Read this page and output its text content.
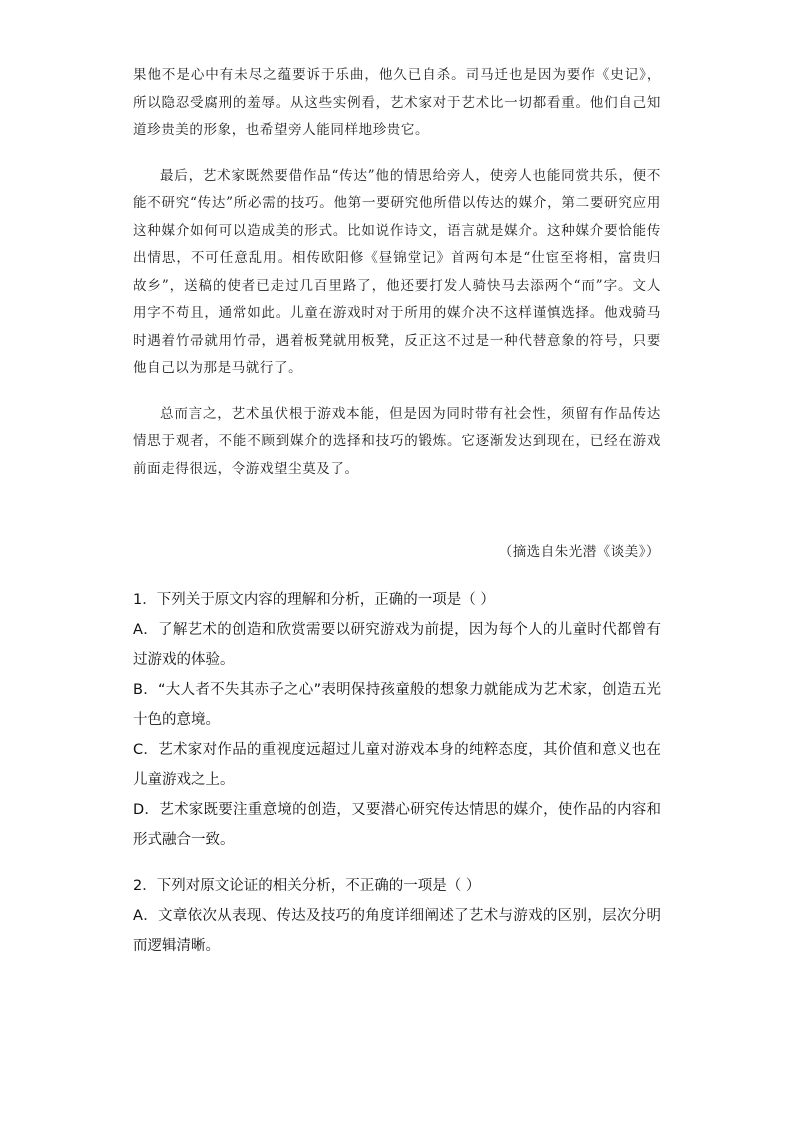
果他不是心中有未尽之蕴要诉于乐曲，他久已自杀。司马迁也是因为要作《史记》，所以隐忍受腐刑的羞辱。从这些实例看，艺术家对于艺术比一切都看重。他们自己知道珍贵美的形象，也希望旁人能同样地珍贵它。

最后，艺术家既然要借作品“传达”他的情思给旁人，使旁人也能同赏共乐，便不能不研究“传达”所必需的技巧。他第一要研究他所借以传达的媒介，第二要研究应用这种媒介如何可以造成美的形式。比如说作诗文，语言就是媒介。这种媒介要恰能传出情思，不可任意乱用。相传欧阳修《昼锦堂记》首两句本是“仕宦至将相，富贵归故乡”，送稿的使者已走过几百里路了，他还要打发人骑快马去添两个“而”字。文人用字不苟且，通常如此。儿童在游戏时对于所用的媒介决不这样谨慎选择。他戏骑马时遇着竹帚就用竹帚，遇着板凳就用板凳，反正这不过是一种代替意象的符号，只要他自己以为那是马就行了。

总而言之，艺术虽伏根于游戏本能，但是因为同时带有社会性，须留有作品传达情思于观者，不能不顾到媒介的选择和技巧的锻炼。它逐渐发达到现在，已经在游戏前面走得很远，令游戏望尘莫及了。

（摘选自朱光潜《谈美》）

1．下列关于原文内容的理解和分析，正确的一项是（ ）

A．了解艺术的创造和欣赏需要以研究游戏为前提，因为每个人的儿童时代都曾有过游戏的体验。

B．“大人者不失其赤子之心”表明保持孩童般的想象力就能成为艺术家，创造五光十色的意境。

C．艺术家对作品的重视度远超过儿童对游戏本身的纯粹态度，其价值和意义也在儿童游戏之上。

D．艺术家既要注重意境的创造，又要潜心研究传达情思的媒介，使作品的内容和形式融合一致。

2．下列对原文论证的相关分析，不正确的一项是（ ）

A．文章依次从表现、传达及技巧的角度详细阐述了艺术与游戏的区别，层次分明而逻辑清晰。
